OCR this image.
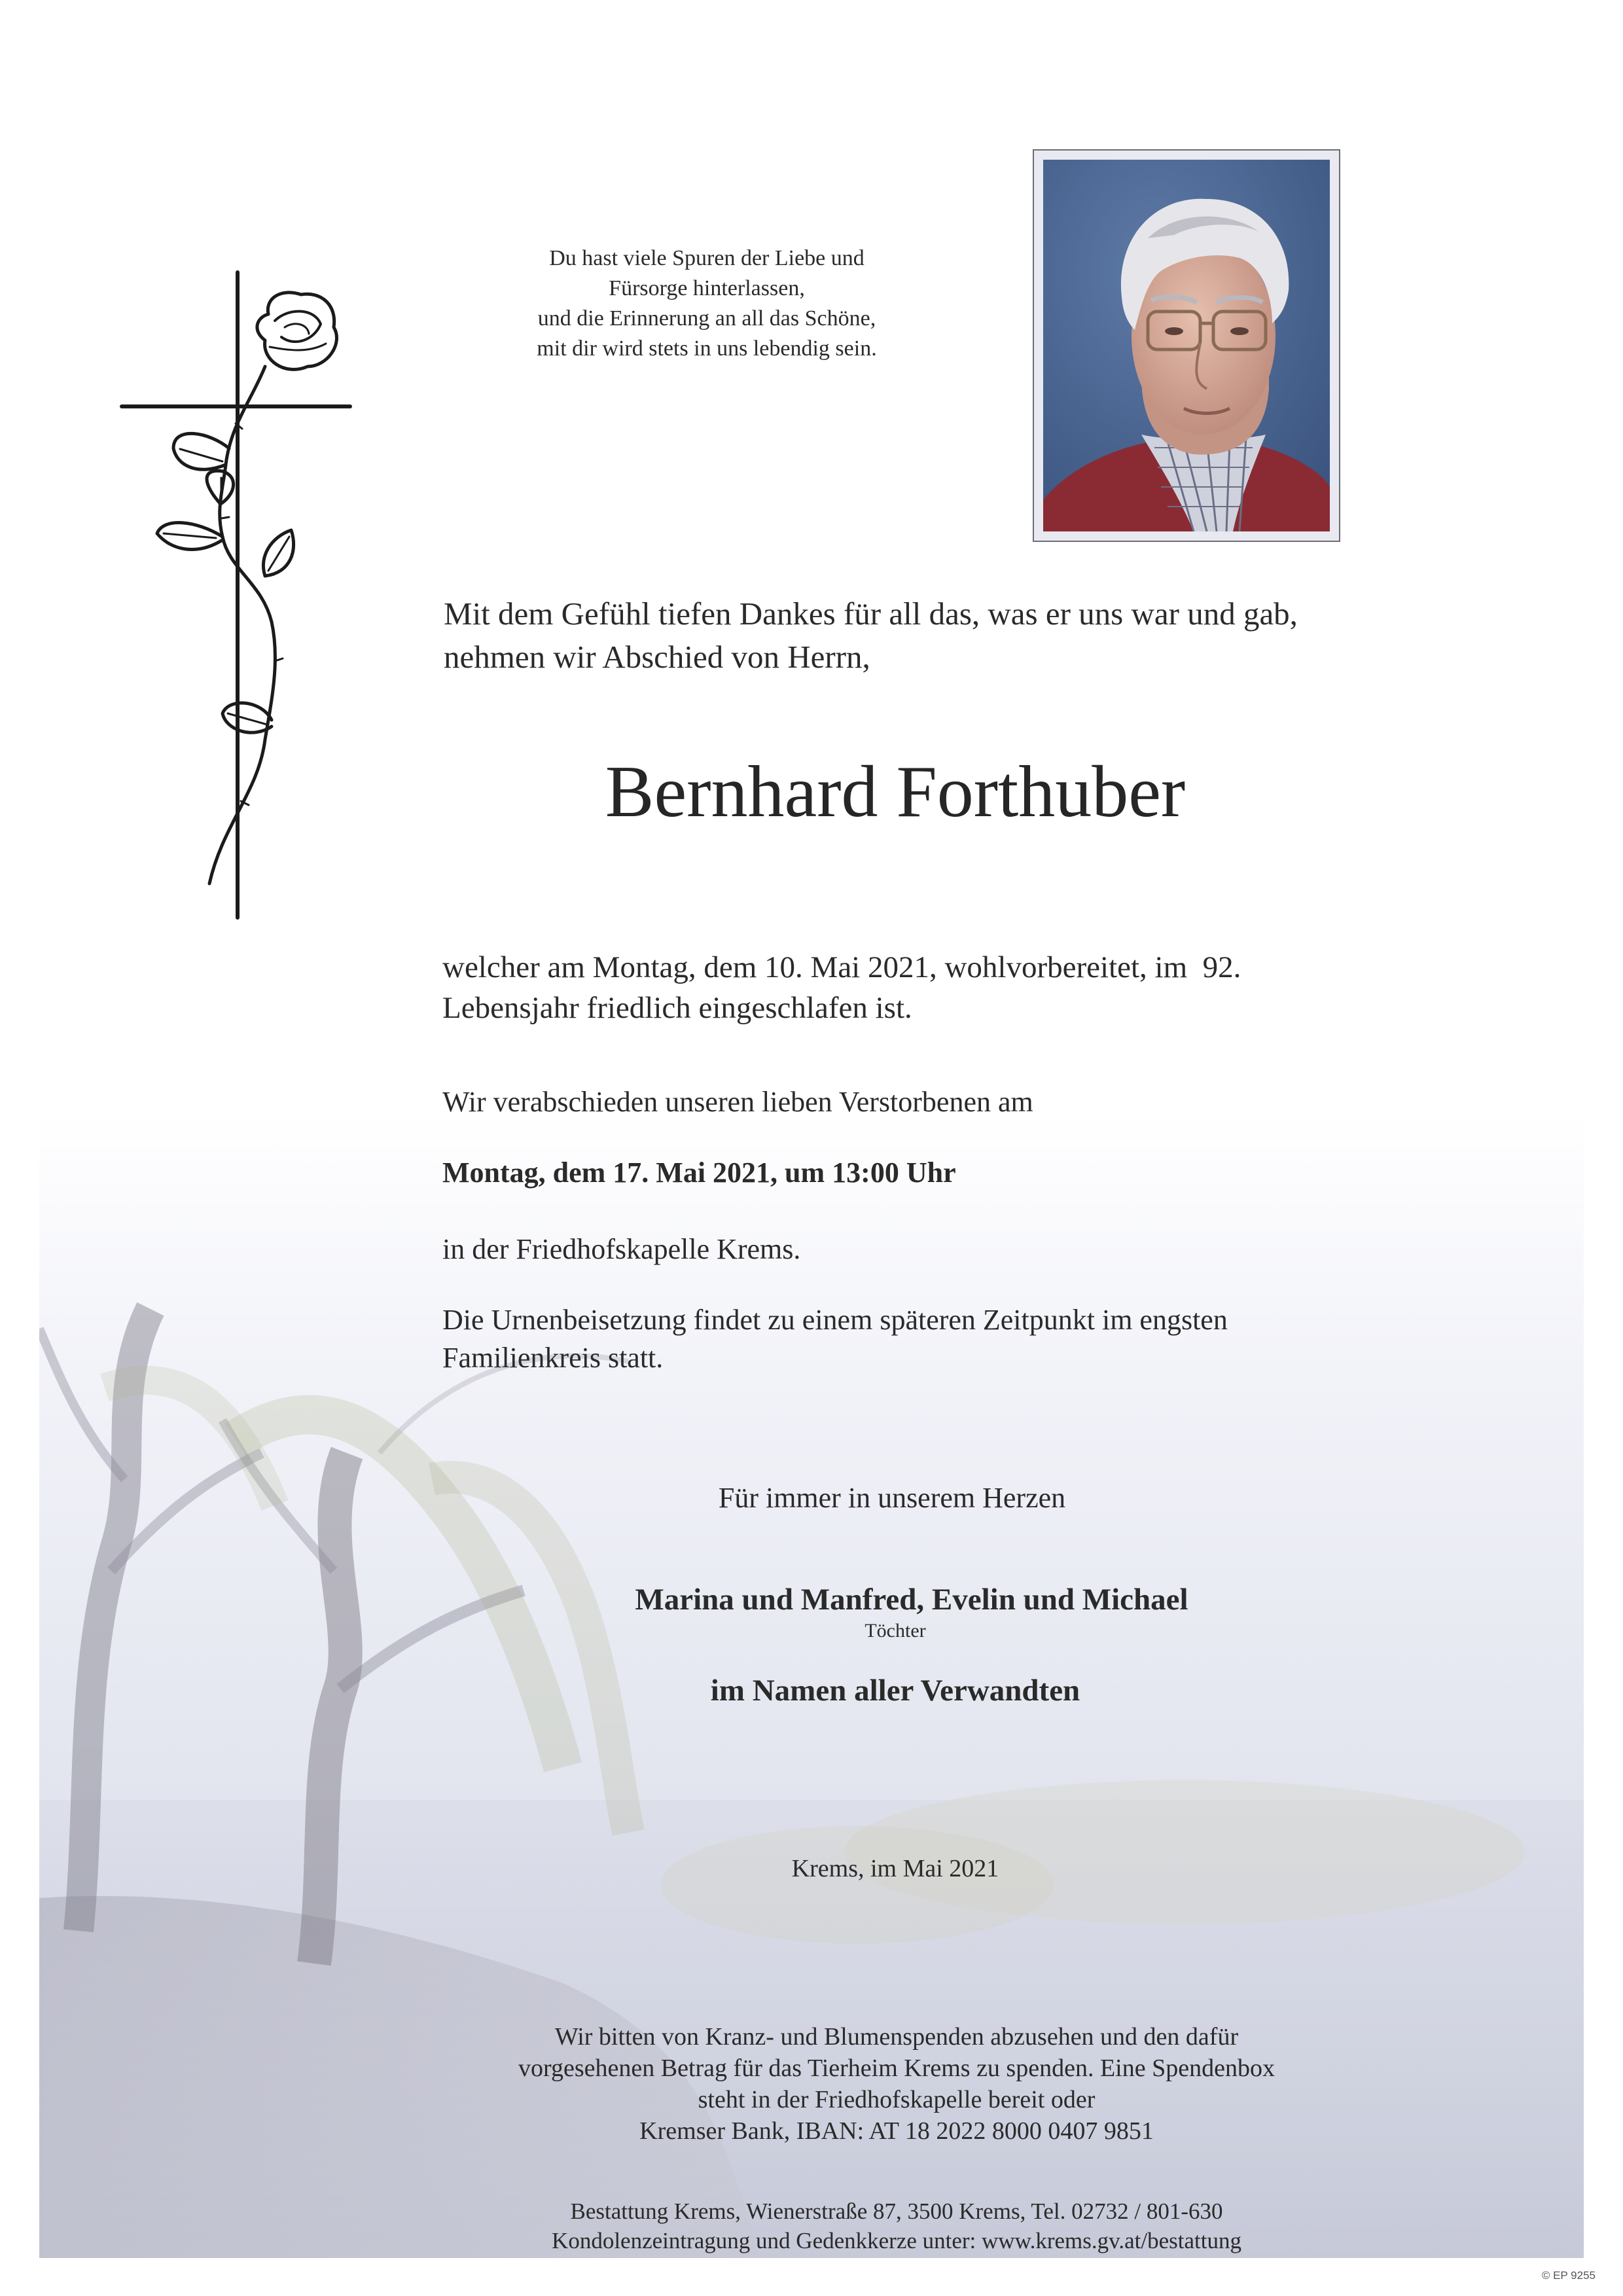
Du hast viele Spuren der Liebe und
Fürsorge hinterlassen,
und die Erinnerung an all das Schöne,
mit dir wird stets in uns lebendig sein.
Mit dem Gefühl tiefen Dankes für all das, was er uns war und gab,
nehmen wir Abschied von Herrn,
Bernhard Forthuber
welcher am Montag, dem 10. Mai 2021, wohlvorbereitet, im  92.
Lebensjahr friedlich eingeschlafen ist.
Wir verabschieden unseren lieben Verstorbenen am
Montag, dem 17. Mai 2021, um 13:00 Uhr
in der Friedhofskapelle Krems.
Die Urnenbeisetzung findet zu einem späteren Zeitpunkt im engsten
Familienkreis statt.
Für immer in unserem Herzen
Marina und Manfred, Evelin und Michael
Töchter
im Namen aller Verwandten
Krems, im Mai 2021
Wir bitten von Kranz- und Blumenspenden abzusehen und den dafür
vorgesehenen Betrag für das Tierheim Krems zu spenden. Eine Spendenbox
steht in der Friedhofskapelle bereit oder
Kremser Bank, IBAN: AT 18 2022 8000 0407 9851
Bestattung Krems, Wienerstraße 87, 3500 Krems, Tel. 02732 / 801-630
Kondolenzeintragung und Gedenkkerze unter: www.krems.gv.at/bestattung
© EP 9255
